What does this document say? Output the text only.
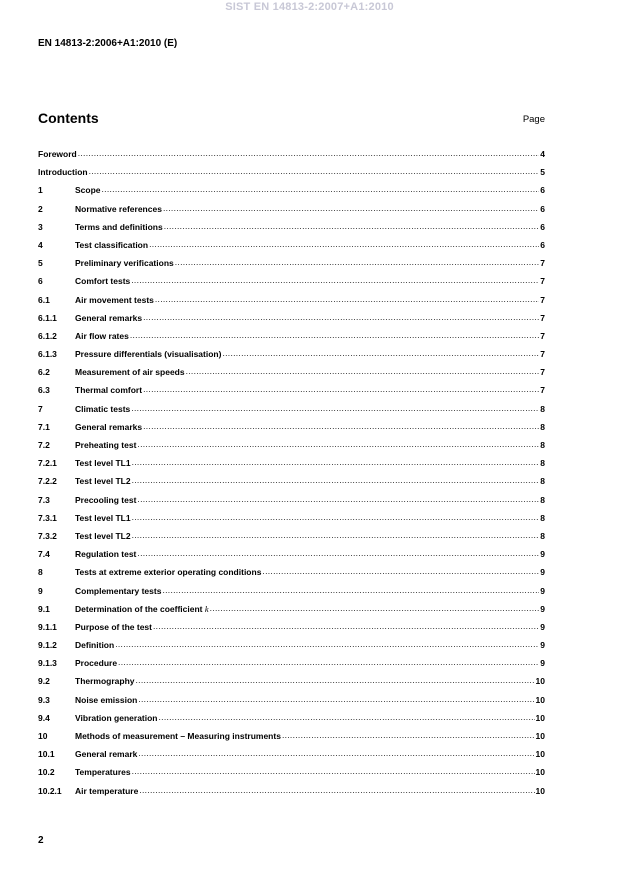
SIST EN 14813-2:2007+A1:2010
EN 14813-2:2006+A1:2010 (E)
Contents	Page
Foreword .....	4
Introduction .....	5
1	Scope .....	6
2	Normative references .....	6
3	Terms and definitions .....	6
4	Test classification .....	6
5	Preliminary verifications .....	7
6	Comfort tests .....	7
6.1	Air movement tests .....	7
6.1.1	General remarks .....	7
6.1.2	Air flow rates .....	7
6.1.3	Pressure differentials (visualisation) .....	7
6.2	Measurement of air speeds .....	7
6.3	Thermal comfort .....	7
7	Climatic tests .....	8
7.1	General remarks .....	8
7.2	Preheating test .....	8
7.2.1	Test level TL1 .....	8
7.2.2	Test level TL2 .....	8
7.3	Precooling test .....	8
7.3.1	Test level TL1 .....	8
7.3.2	Test level TL2 .....	8
7.4	Regulation test .....	9
8	Tests at extreme exterior operating conditions .....	9
9	Complementary tests .....	9
9.1	Determination of the coefficient k .....	9
9.1.1	Purpose of the test .....	9
9.1.2	Definition .....	9
9.1.3	Procedure .....	9
9.2	Thermography .....	10
9.3	Noise emission .....	10
9.4	Vibration generation .....	10
10	Methods of measurement – Measuring instruments .....	10
10.1	General remark .....	10
10.2	Temperatures .....	10
10.2.1	Air temperature .....	10
2
